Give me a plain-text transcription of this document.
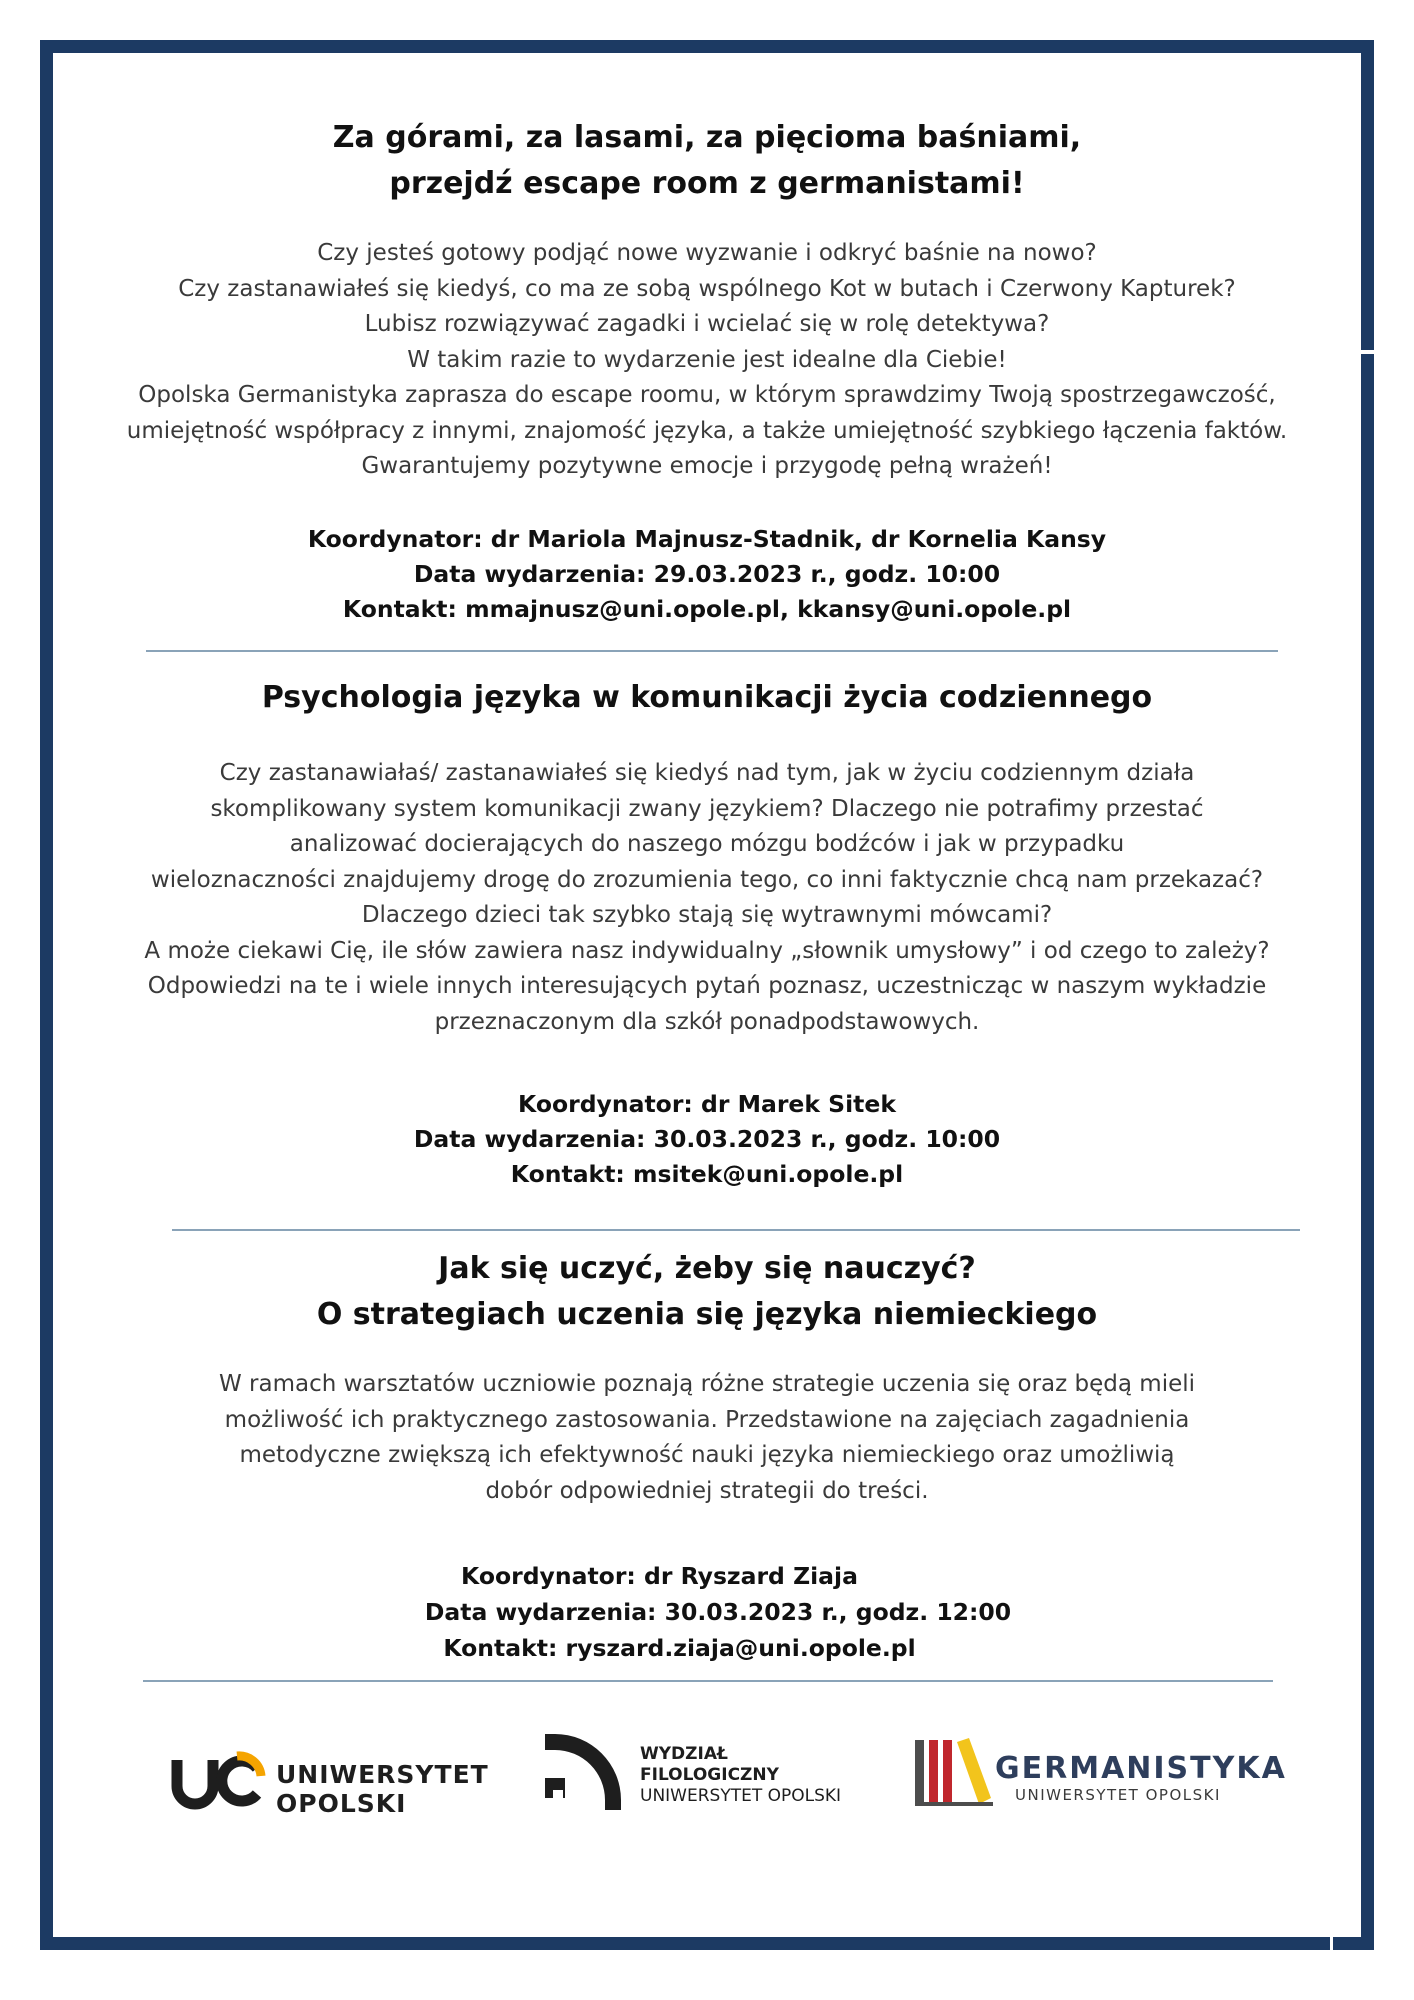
Za górami, za lasami, za pięcioma baśniami,
przejdź escape room z germanistami!
Czy jesteś gotowy podjąć nowe wyzwanie i odkryć baśnie na nowo?
Czy zastanawiałeś się kiedyś, co ma ze sobą wspólnego Kot w butach i Czerwony Kapturek?
Lubisz rozwiązywać zagadki i wcielać się w rolę detektywa?
W takim razie to wydarzenie jest idealne dla Ciebie!
Opolska Germanistyka zaprasza do escape roomu, w którym sprawdzimy Twoją spostrzegawczość,
umiejętność współpracy z innymi, znajomość języka, a także umiejętność szybkiego łączenia faktów.
Gwarantujemy pozytywne emocje i przygodę pełną wrażeń!
Koordynator: dr Mariola Majnusz-Stadnik, dr Kornelia Kansy
Data wydarzenia: 29.03.2023 r., godz. 10:00
Kontakt: mmajnusz@uni.opole.pl, kkansy@uni.opole.pl
Psychologia języka w komunikacji życia codziennego
Czy zastanawiałaś/ zastanawiałeś się kiedyś nad tym, jak w życiu codziennym działa
skomplikowany system komunikacji zwany językiem? Dlaczego nie potrafimy przestać
analizować docierających do naszego mózgu bodźców i jak w przypadku
wieloznaczności znajdujemy drogę do zrozumienia tego, co inni faktycznie chcą nam przekazać?
Dlaczego dzieci tak szybko stają się wytrawnymi mówcami?
A może ciekawi Cię, ile słów zawiera nasz indywidualny „słownik umysłowy” i od czego to zależy?
Odpowiedzi na te i wiele innych interesujących pytań poznasz, uczestnicząc w naszym wykładzie
przeznaczonym dla szkół ponadpodstawowych.
Koordynator: dr Marek Sitek
Data wydarzenia: 30.03.2023 r., godz. 10:00
Kontakt: msitek@uni.opole.pl
Jak się uczyć, żeby się nauczyć?
O strategiach uczenia się języka niemieckiego
W ramach warsztatów uczniowie poznają różne strategie uczenia się oraz będą mieli
możliwość ich praktycznego zastosowania. Przedstawione na zajęciach zagadnienia
metodyczne zwiększą ich efektywność nauki języka niemieckiego oraz umożliwią
dobór odpowiedniej strategii do treści.
Koordynator: dr Ryszard Ziaja
Data wydarzenia: 30.03.2023 r., godz. 12:00
Kontakt: ryszard.ziaja@uni.opole.pl
UNIWERSYTET
OPOLSKI
WYDZIAŁ
FILOLOGICZNY
UNIWERSYTET OPOLSKI
GERMANISTYKA
UNIWERSYTET OPOLSKI
